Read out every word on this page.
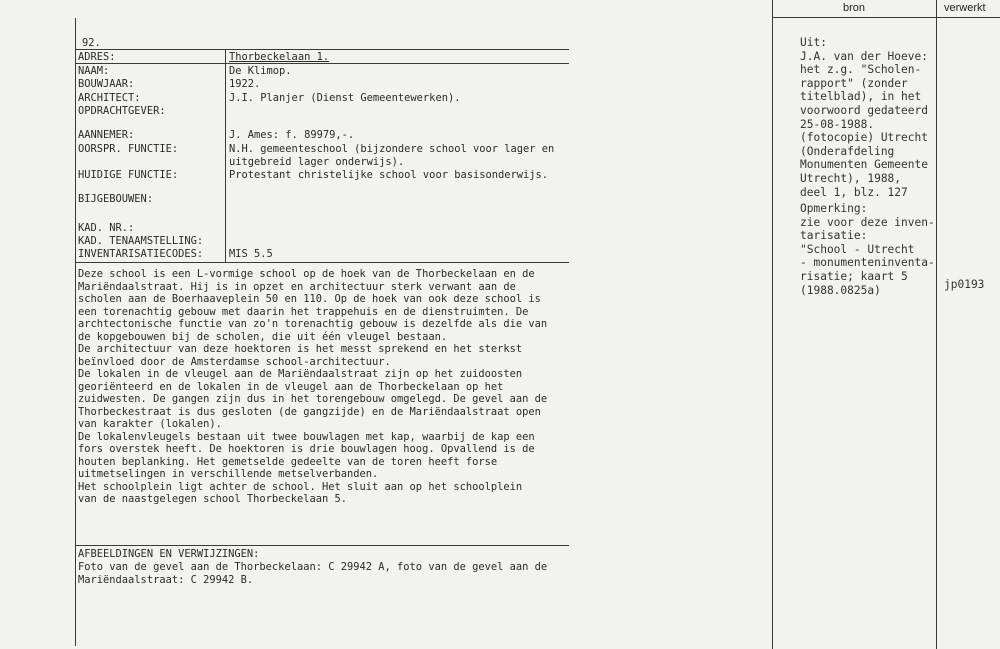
bron	verwerkt
92.
ADRES:	Thorbeckelaan 1.
NAAM:	De Klimop.
BOUWJAAR:	1922.
ARCHITECT:	J.I. Planjer (Dienst Gemeentewerken).
OPDRACHTGEVER:
AANNEMER:	J. Ames: f. 89979,-.
OORSPR. FUNCTIE:	N.H. gemeenteschool (bijzondere school voor lager en
uitgebreid lager onderwijs).
HUIDIGE FUNCTIE:	Protestant christelijke school voor basisonderwijs.
BIJGEBOUWEN:
KAD. NR.:
KAD. TENAAMSTELLING:
INVENTARISATIECODES: MIS 5.5
Deze school is een L-vormige school op de hoek van de Thorbeckelaan en de
Mariëndaalstraat. Hij is in opzet en architectuur sterk verwant aan de
scholen aan de Boerhaaveplein 50 en 110. Op de hoek van ook deze school is
een torenachtig gebouw met daarin het trappehuis en de dienstruimten. De
archtectonische functie van zo'n torenachtig gebouw is dezelfde als die van
de kopgebouwen bij de scholen, die uit één vleugel bestaan.
De architectuur van deze hoektoren is het messt sprekend en het sterkst
beïnvloed door de Amsterdamse school-architectuur.
De lokalen in de vleugel aan de Mariëndaalstraat zijn op het zuidoosten
georiënteerd en de lokalen in de vleugel aan de Thorbeckelaan op het
zuidwesten. De gangen zijn dus in het torengebouw omgelegd. De gevel aan de
Thorbeckestraat is dus gesloten (de gangzijde) en de Mariëndaalstraat open
van karakter (lokalen).
De lokalenvleugels bestaan uit twee bouwlagen met kap, waarbij de kap een
fors overstek heeft. De hoektoren is drie bouwlagen hoog. Opvallend is de
houten beplanking. Het gemetselde gedeelte van de toren heeft forse
uitmetselingen in verschillende metselverbanden.
Het schoolplein ligt achter de school. Het sluit aan op het schoolplein
van de naastgelegen school Thorbeckelaan 5.
AFBEELDINGEN EN VERWIJZINGEN:
Foto van de gevel aan de Thorbeckelaan: C 29942 A, foto van de gevel aan de
Mariëndaalstraat: C 29942 B.
Uit:
J.A. van der Hoeve:
het z.g. "Scholen-
rapport" (zonder
titelblad), in het
voorwoord gedateerd
25-08-1988.
(fotocopie) Utrecht
(Onderafdeling
Monumenten Gemeente
Utrecht), 1988,
deel 1, blz. 127
Opmerking:
zie voor deze inven-
tarisatie:
"School - Utrecht
- monumenteninventa-
risatie; kaart 5
(1988.0825a)	jp0193
